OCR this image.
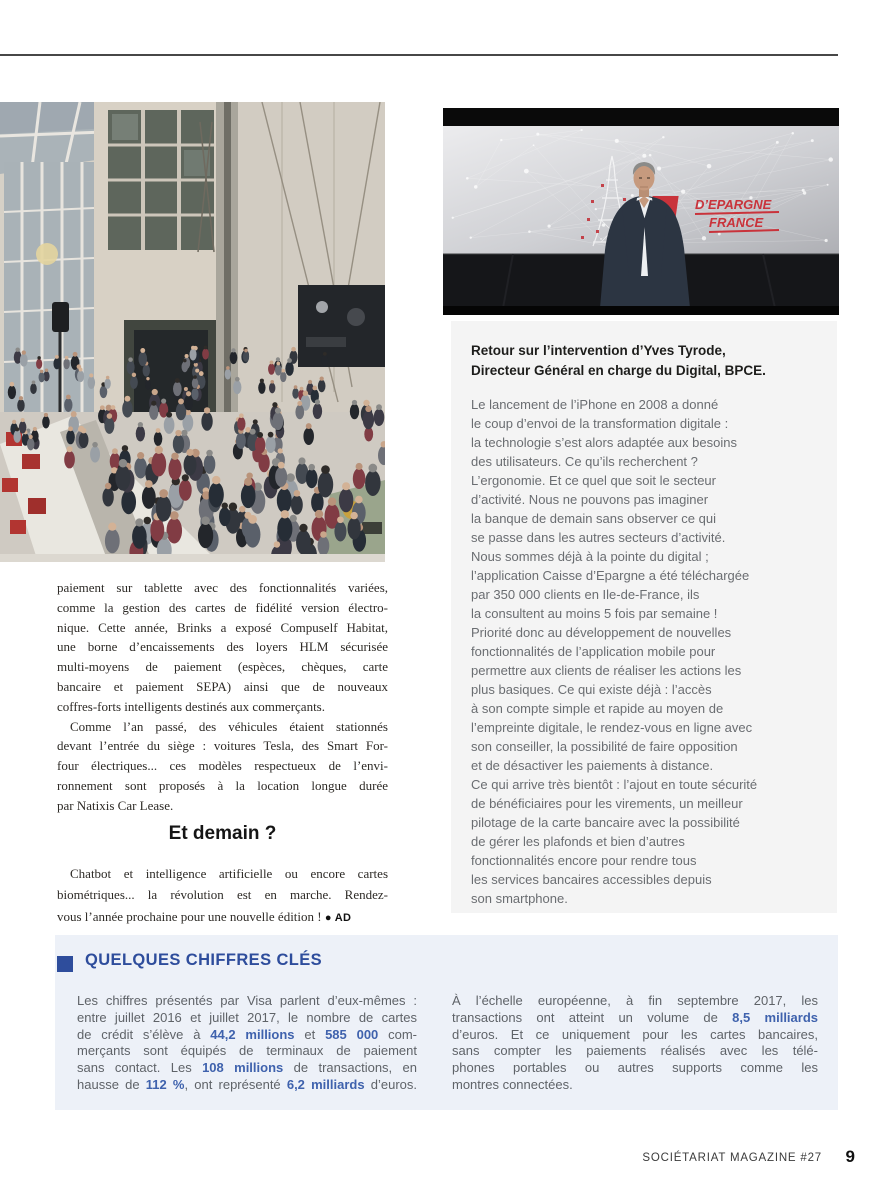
D’EPARGNE
FRANCE
paiement sur tablette avec des fonctionnalités variées,
comme la gestion des cartes de fidélité version électro-
nique. Cette année, Brinks a exposé Compuself Habitat,
une borne d’encaissements des loyers HLM sécurisée
multi-moyens de paiement (espèces, chèques, carte
bancaire et paiement SEPA) ainsi que de nouveaux
coffres-forts intelligents destinés aux commerçants.
Comme l’an passé, des véhicules étaient stationnés
devant l’entrée du siège : voitures Tesla, des Smart For-
four électriques... ces modèles respectueux de l’envi-
ronnement sont proposés à la location longue durée
par Natixis Car Lease.
Et demain ?
Chatbot et intelligence artificielle ou encore cartes
biométriques... la révolution est en marche. Rendez-
vous l’année prochaine pour une nouvelle édition ! ● AD
Retour sur l’intervention d’Yves Tyrode,
Directeur Général en charge du Digital, BPCE.
Le lancement de l’iPhone en 2008 a donné
le coup d’envoi de la transformation digitale :
la technologie s’est alors adaptée aux besoins
des utilisateurs. Ce qu’ils recherchent ?
L’ergonomie. Et ce quel que soit le secteur
d’activité. Nous ne pouvons pas imaginer
la banque de demain sans observer ce qui
se passe dans les autres secteurs d’activité.
Nous sommes déjà à la pointe du digital ;
l’application Caisse d’Epargne a été téléchargée
par 350 000 clients en Ile-de-France, ils
la consultent au moins 5 fois par semaine !
Priorité donc au développement de nouvelles
fonctionnalités de l’application mobile pour
permettre aux clients de réaliser les actions les
plus basiques. Ce qui existe déjà : l’accès
à son compte simple et rapide au moyen de
l’empreinte digitale, le rendez-vous en ligne avec
son conseiller, la possibilité de faire opposition
et de désactiver les paiements à distance.
Ce qui arrive très bientôt : l’ajout en toute sécurité
de bénéficiaires pour les virements, un meilleur
pilotage de la carte bancaire avec la possibilité
de gérer les plafonds et bien d’autres
fonctionnalités encore pour rendre tous
les services bancaires accessibles depuis
son smartphone.
QUELQUES CHIFFRES CLÉS
Les chiffres présentés par Visa parlent d’eux-mêmes :
entre juillet 2016 et juillet 2017, le nombre de cartes
de crédit s’élève à 44,2 millions et 585 000 com-
merçants sont équipés de terminaux de paiement
sans contact. Les 108 millions de transactions, en
hausse de 112 %, ont représenté 6,2 milliards d’euros.
À l’échelle européenne, à fin septembre 2017, les
transactions ont atteint un volume de 8,5 milliards
d’euros. Et ce uniquement pour les cartes bancaires,
sans compter les paiements réalisés avec les télé-
phones portables ou autres supports comme les
montres connectées.
SOCIÉTARIAT MAGAZINE #27 9
